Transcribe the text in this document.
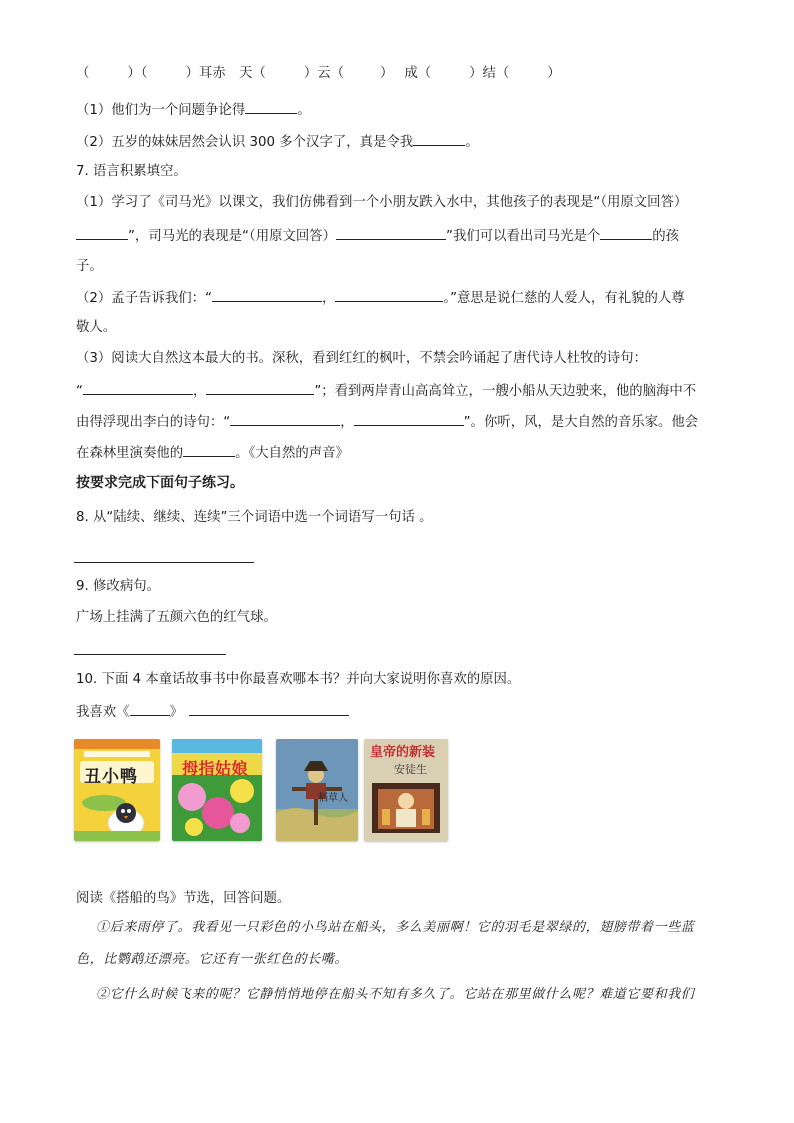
（	）（	）耳赤　天（	）云（	）　 成（	）结（	）
（1）他们为一个问题争论得	。
（2）五岁的妹妹居然会认识 300 多个汉字了，真是令我	。
7. 语言积累填空。
（1）学习了《司马光》以课文，我们仿佛看到一个小朋友跌入水中，其他孩子的表现是“（用原文回答）
”，司马光的表现是“（用原文回答）	”我们可以看出司马光是个	的孩
子。
（2）孟子告诉我们：“	，	。”意思是说仁慈的人爱人，有礼貌的人尊
敬人。
（3）阅读大自然这本最大的书。深秋，看到红红的枫叶，不禁会吟诵起了唐代诗人杜牧的诗句：
“	，	”；看到两岸青山高高耸立，一艘小船从天边驶来，他的脑海中不
由得浮现出李白的诗句：“	，	”。你听，风，是大自然的音乐家。他会
在森林里演奏他的	。《大自然的声音》
按要求完成下面句子练习。
8. 从“陆续、继续、连续”三个词语中选一个词语写一句话 。
9. 修改病句。
广场上挂满了五颜六色的红气球。
10. 下面 4 本童话故事书中你最喜欢哪本书？并向大家说明你喜欢的原因。
我喜欢《	》
丑小鸭	拇指姑娘
稻草人
皇帝的新装
安徒生
阅读《搭船的鸟》节选，回答问题。
①后来雨停了。我看见一只彩色的小鸟站在船头，多么美丽啊！它的羽毛是翠绿的，翅膀带着一些蓝
色，比鹦鹉还漂亮。它还有一张红色的长嘴。
②它什么时候飞来的呢？它静悄悄地停在船头不知有多久了。它站在那里做什么呢？难道它要和我们
